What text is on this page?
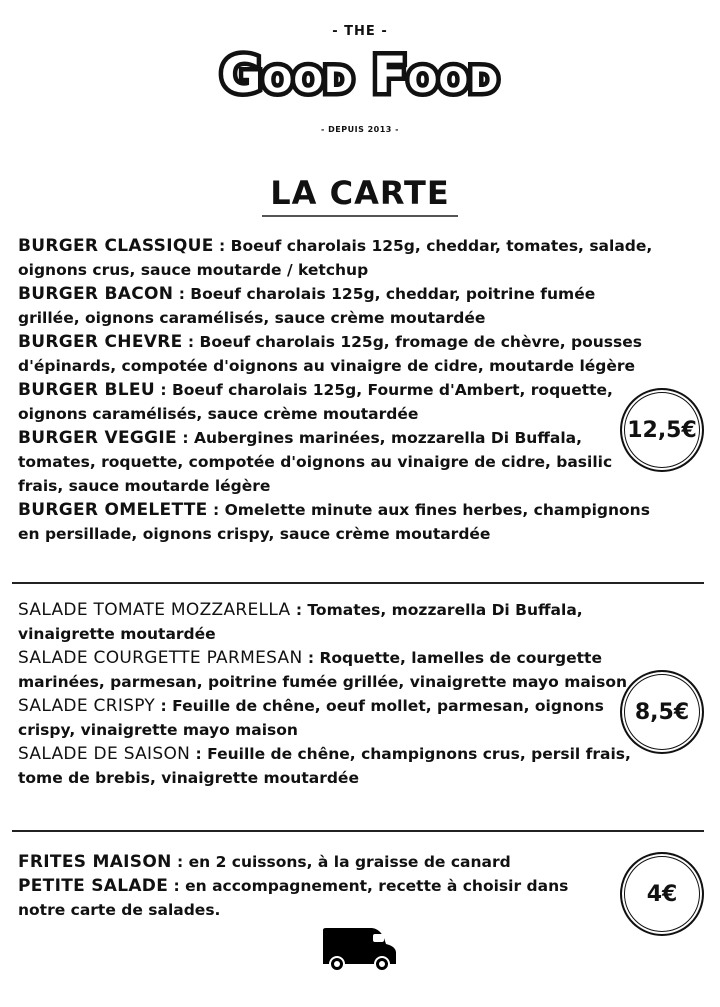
- THE -
Good Food
- DEPUIS 2013 -
LA CARTE
BURGER CLASSIQUE : Boeuf charolais 125g, cheddar, tomates, salade, oignons crus, sauce moutarde / ketchup
BURGER BACON : Boeuf charolais 125g, cheddar, poitrine fumée grillée, oignons caramélisés, sauce crème moutardée
BURGER CHEVRE : Boeuf charolais 125g, fromage de chèvre, pousses d'épinards, compotée d'oignons au vinaigre de cidre, moutarde légère
BURGER BLEU : Boeuf charolais 125g, Fourme d'Ambert, roquette, oignons caramélisés, sauce crème moutardée
BURGER VEGGIE : Aubergines marinées, mozzarella Di Buffala, tomates, roquette, compotée d'oignons au vinaigre de cidre, basilic frais, sauce moutarde légère
BURGER OMELETTE : Omelette minute aux fines herbes, champignons en persillade, oignons crispy, sauce crème moutardée
12,5€
SALADE TOMATE MOZZARELLA : Tomates, mozzarella Di Buffala, vinaigrette moutardée
SALADE COURGETTE PARMESAN : Roquette, lamelles de courgette marinées, parmesan, poitrine fumée grillée, vinaigrette mayo maison
SALADE CRISPY : Feuille de chêne, oeuf mollet, parmesan, oignons crispy, vinaigrette mayo maison
SALADE DE SAISON : Feuille de chêne, champignons crus, persil frais, tome de brebis, vinaigrette moutardée
8,5€
FRITES MAISON : en 2 cuissons, à la graisse de canard
PETITE SALADE : en accompagnement, recette à choisir dans notre carte de salades.
4€
